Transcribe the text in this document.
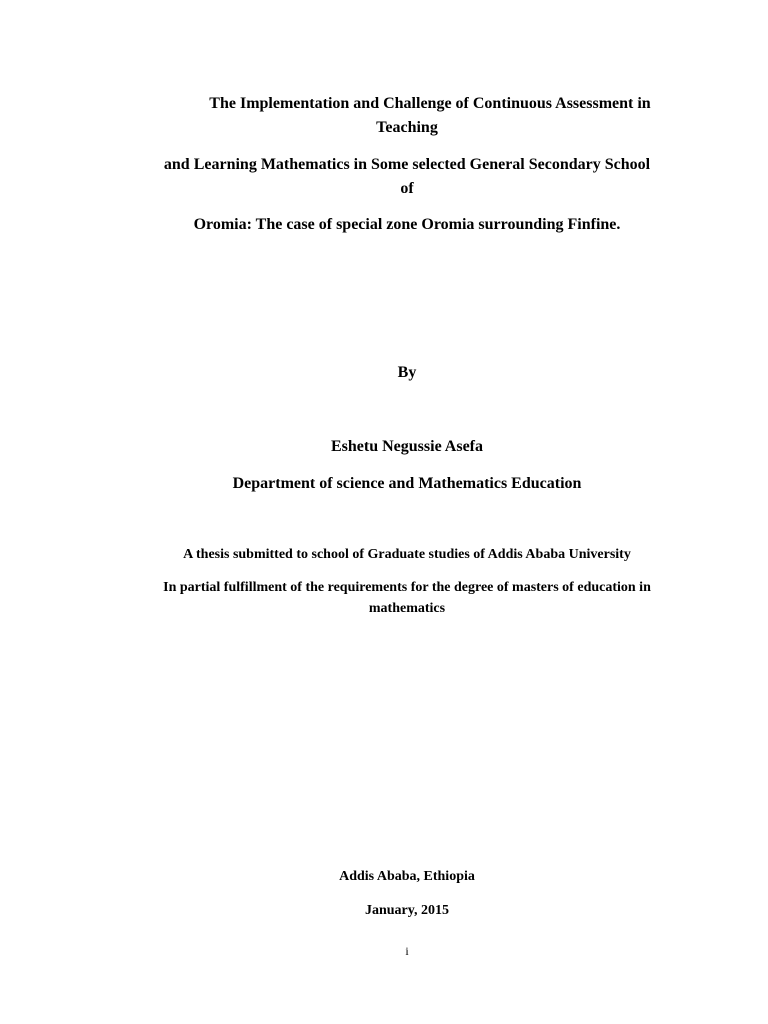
The Implementation and Challenge of Continuous Assessment in
Teaching
and Learning Mathematics in Some selected General Secondary School
of
Oromia: The case of special zone Oromia surrounding Finfine.
By
Eshetu Negussie Asefa
Department of science and Mathematics Education
A thesis submitted to school of Graduate studies of Addis Ababa University
In partial fulfillment of the requirements for the degree of masters of education in
mathematics
Addis Ababa, Ethiopia
January, 2015
i
